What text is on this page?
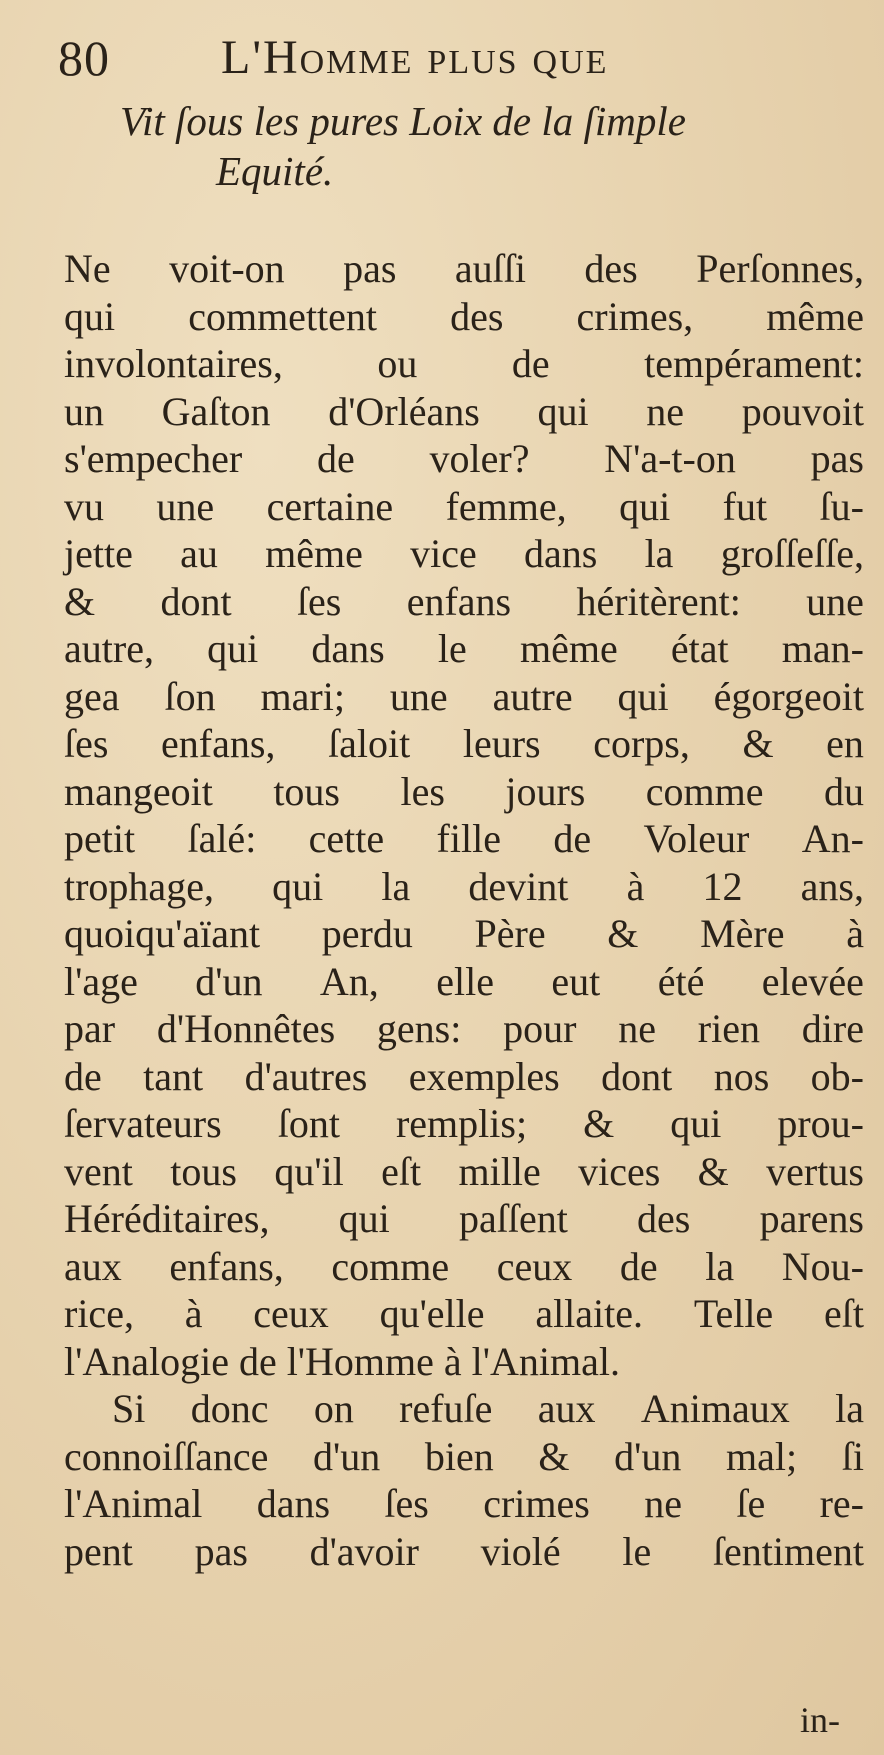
80 L'Homme plus que
Vit ſous les pures Loix de la ſimple
Equité.
Ne voit-on pas auſſi des Perſonnes,
qui commettent des crimes, même
involontaires, ou de tempérament:
un Gaſton d'Orléans qui ne pouvoit
s'empecher de voler? N'a-t-on pas
vu une certaine femme, qui fut ſu-
jette au même vice dans la groſſeſſe,
& dont ſes enfans héritèrent: une
autre, qui dans le même état man-
gea ſon mari; une autre qui égorgeoit
ſes enfans, ſaloit leurs corps, & en
mangeoit tous les jours comme du
petit ſalé: cette fille de Voleur An-
trophage, qui la devint à 12 ans,
quoiqu'aïant perdu Père & Mère à
l'age d'un An, elle eut été elevée
par d'Honnêtes gens: pour ne rien dire
de tant d'autres exemples dont nos ob-
ſervateurs ſont remplis; & qui prou-
vent tous qu'il eſt mille vices & vertus
Héréditaires, qui paſſent des parens
aux enfans, comme ceux de la Nou-
rice, à ceux qu'elle allaite. Telle eſt
l'Analogie de l'Homme à l'Animal.
Si donc on refuſe aux Animaux la
connoiſſance d'un bien & d'un mal; ſi
l'Animal dans ſes crimes ne ſe re-
pent pas d'avoir violé le ſentiment
in-
